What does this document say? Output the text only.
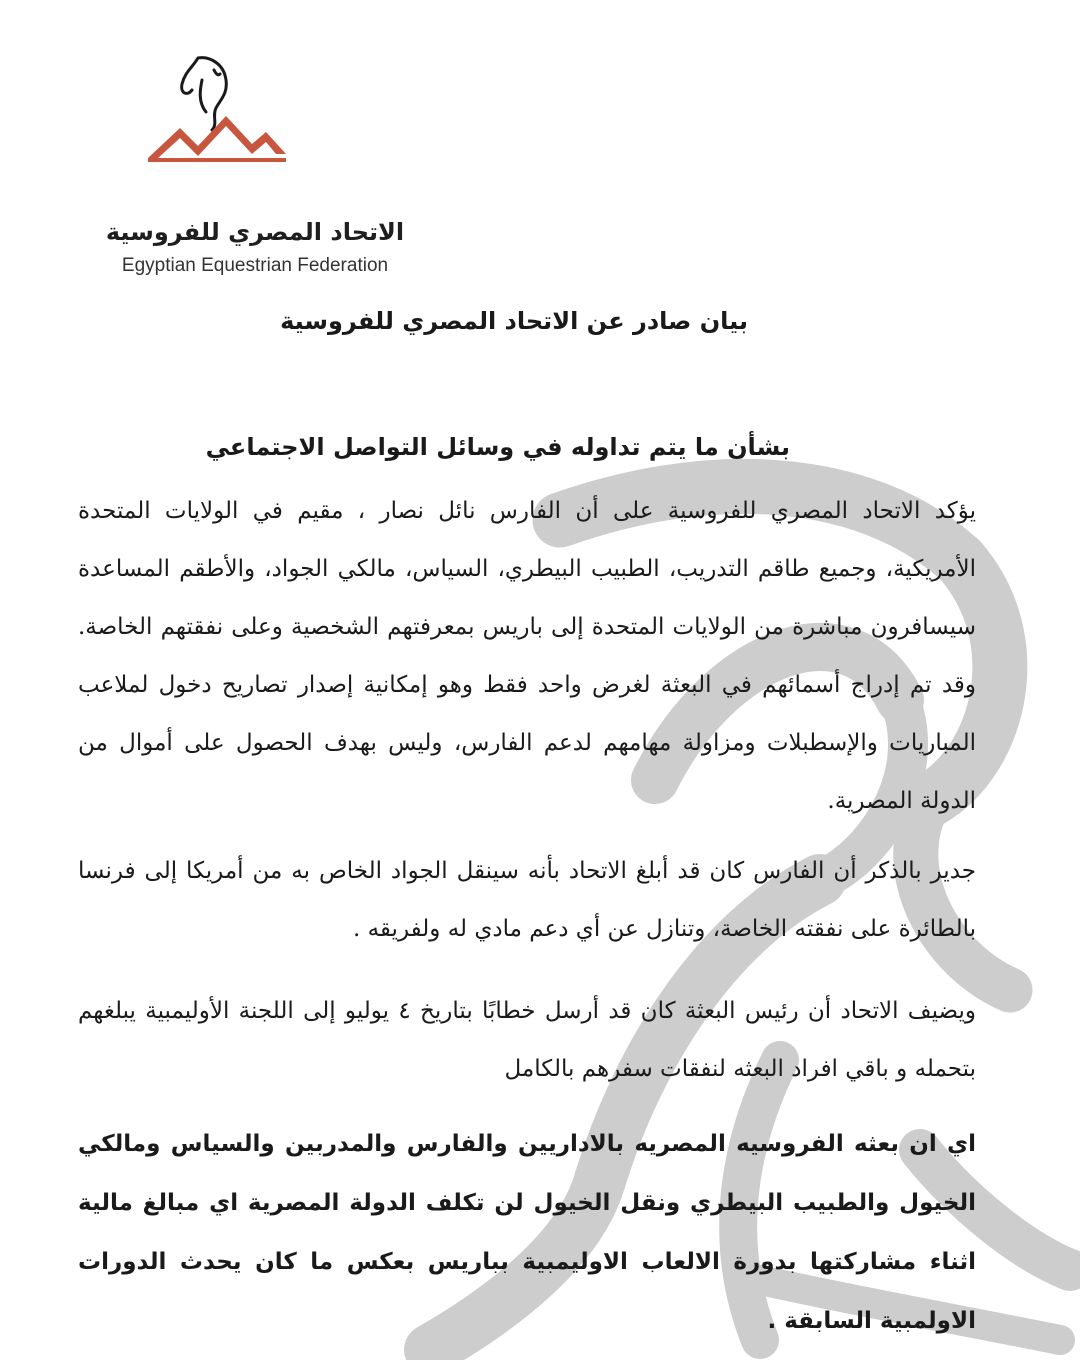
الاتحاد المصري للفروسية
Egyptian Equestrian Federation
بيان صادر عن الاتحاد المصري للفروسية
بشأن ما يتم تداوله في وسائل التواصل الاجتماعي

يؤكد الاتحاد المصري للفروسية على أن الفارس نائل نصار ، مقيم في الولايات المتحدة الأمريكية، وجميع طاقم التدريب، الطبيب البيطري، السياس، مالكي الجواد، والأطقم المساعدة سيسافرون مباشرة من الولايات المتحدة إلى باريس بمعرفتهم الشخصية وعلى نفقتهم الخاصة. وقد تم إدراج أسمائهم في البعثة لغرض واحد فقط وهو إمكانية إصدار تصاريح دخول لملاعب المباريات والإسطبلات ومزاولة مهامهم لدعم الفارس، وليس بهدف الحصول على أموال من الدولة المصرية.

جدير بالذكر أن الفارس كان قد أبلغ الاتحاد بأنه سينقل الجواد الخاص به من أمريكا إلى فرنسا بالطائرة على نفقته الخاصة، وتنازل عن أي دعم مادي له ولفريقه .

ويضيف الاتحاد أن رئيس البعثة كان قد أرسل خطابًا بتاريخ ٤ يوليو إلى اللجنة الأوليمبية يبلغهم بتحمله و باقي افراد البعثه لنفقات سفرهم بالكامل

اي ان بعثه الفروسيه المصريه بالاداريين والفارس والمدربين والسياس ومالكي الخيول والطبيب البيطري ونقل الخيول لن تكلف الدولة المصرية اي مبالغ مالية اثناء مشاركتها بدورة الالعاب الاوليمبية بباريس بعكس ما كان يحدث الدورات الاولمبية السابقة .
